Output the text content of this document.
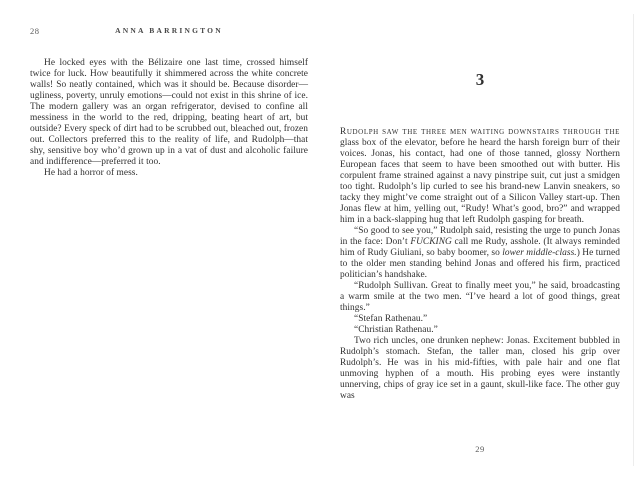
28	ANNA BARRINGTON

He locked eyes with the Bélizaire one last time, crossed himself twice for luck. How beautifully it shimmered across the white concrete walls! So neatly contained, which was it should be. Because disorder—ugliness, poverty, unruly emotions—could not exist in this shrine of ice. The modern gallery was an organ refrigerator, devised to confine all messiness in the world to the red, dripping, beating heart of art, but outside? Every speck of dirt had to be scrubbed out, bleached out, frozen out. Collectors preferred this to the reality of life, and Rudolph—that shy, sensitive boy who’d grown up in a vat of dust and alcoholic failure and indifference—preferred it too.

He had a horror of mess.

3

Rudolph saw the three men waiting downstairs through the glass box of the elevator, before he heard the harsh foreign burr of their voices. Jonas, his contact, had one of those tanned, glossy Northern European faces that seem to have been smoothed out with butter. His corpulent frame strained against a navy pinstripe suit, cut just a smidgen too tight. Rudolph’s lip curled to see his brand-new Lanvin sneakers, so tacky they might’ve come straight out of a Silicon Valley start-up. Then Jonas flew at him, yelling out, “Rudy! What’s good, bro?” and wrapped him in a back-slapping hug that left Rudolph gasping for breath.

“So good to see you,” Rudolph said, resisting the urge to punch Jonas in the face: Don’t FUCKING call me Rudy, asshole. (It always reminded him of Rudy Giuliani, so baby boomer, so lower middle-class.) He turned to the older men standing behind Jonas and offered his firm, practiced politician’s handshake.

“Rudolph Sullivan. Great to finally meet you,” he said, broadcasting a warm smile at the two men. “I’ve heard a lot of good things, great things.”

“Stefan Rathenau.”

“Christian Rathenau.”

Two rich uncles, one drunken nephew: Jonas. Excitement bubbled in Rudolph’s stomach. Stefan, the taller man, closed his grip over Rudolph’s. He was in his mid-fifties, with pale hair and one flat unmoving hyphen of a mouth. His probing eyes were instantly unnerving, chips of gray ice set in a gaunt, skull-like face. The other guy was

29
